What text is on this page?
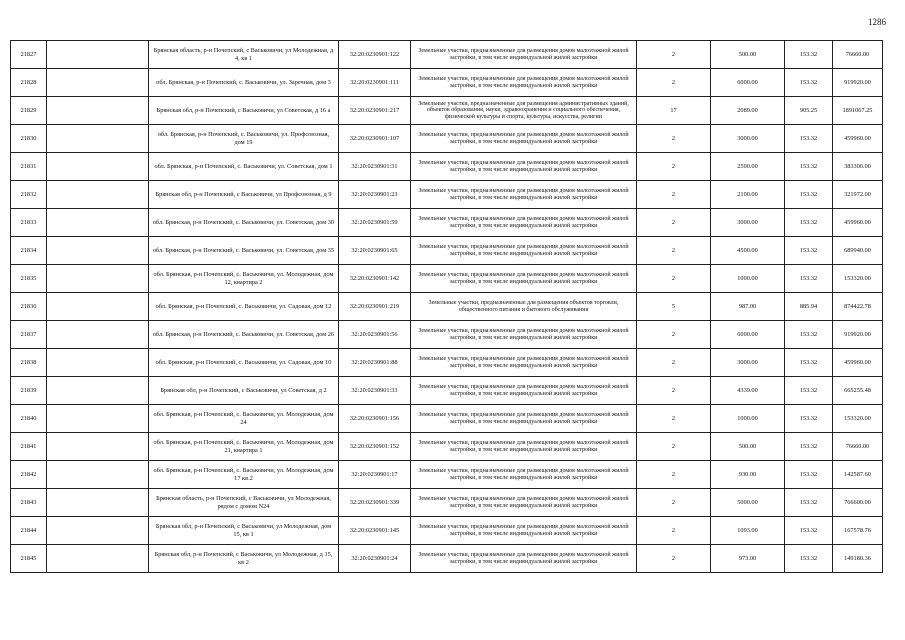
1286
21827		Брянская область, р-н Почепский, с Васьковичи, ул Молодежная, д 4, кв 1	32:20:0230901:122	Земельные участки, предназначенные для размещения домов малоэтажной жилой застройки, в том числе индивидуальной жилой застройки	2	500.00	153.32	76660.00
21828		обл. Брянская, р-н Почепский, с. Васьковичи, ул. Заречная, дом 3	32:20:0230901:111	Земельные участки, предназначенные для размещения домов малоэтажной жилой застройки, в том числе индивидуальной жилой застройки	2	6000.00	153.32	919920.00
21829		Брянская обл, р-н Почепский, с Васьковичи, ул Советская, д 16 а	32:20:0230901:217	Земельные участки, предназначенные для размещения административных зданий, объектов образования, науки, здравоохранения и социального обеспечения, физической культуры и спорта, культуры, искусства, религии	17	2089.00	905.25	1891067.25
21830		обл. Брянская, р-н Почепский, с. Васьковичи, ул. Профсоюзная, дом 19	32:20:0230901:107	Земельные участки, предназначенные для размещения домов малоэтажной жилой застройки, в том числе индивидуальной жилой застройки	2	3000.00	153.32	459960.00
21831		обл. Брянская, р-н Почепский, с. Васьковичи, ул. Советская, дом 1	32:20:0230901:31	Земельные участки, предназначенные для размещения домов малоэтажной жилой застройки, в том числе индивидуальной жилой застройки	2	2500.00	153.32	383300.00
21832		Брянская обл, р-н Почепский, с Васьковичи, ул Профсоюзная, д 9	32:20:0230901:23	Земельные участки, предназначенные для размещения домов малоэтажной жилой застройки, в том числе индивидуальной жилой застройки	2	2100.00	153.32	321972.00
21833		обл. Брянская, р-н Почепский, с. Васьковичи, ул. Советская, дом 30	32:20:0230901:59	Земельные участки, предназначенные для размещения домов малоэтажной жилой застройки, в том числе индивидуальной жилой застройки	2	3000.00	153.32	459960.00
21834		обл. Брянская, р-н Почепский, с. Васьковичи, ул. Советская, дом 35	32:20:0230901:65	Земельные участки, предназначенные для размещения домов малоэтажной жилой застройки, в том числе индивидуальной жилой застройки	2	4500.00	153.32	689940.00
21835		обл. Брянская, р-н Почепский, с. Васьковичи, ул. Молодежная, дом 12, квартира 2	32:20:0230901:142	Земельные участки, предназначенные для размещения домов малоэтажной жилой застройки, в том числе индивидуальной жилой застройки	2	1000.00	153.32	153320.00
21836		обл. Брянская, р-н Почепский, с. Васьковичи, ул. Садовая, дом 12	32:20:0230901:219	Земельные участки, предназначенные для размещения объектов торговли, общественного питания и бытового обслуживания	5	987.00	885.94	874422.78
21837		обл. Брянская, р-н Почепский, с. Васьковичи, ул. Советская, дом 26	32:20:0230901:56	Земельные участки, предназначенные для размещения домов малоэтажной жилой застройки, в том числе индивидуальной жилой застройки	2	6000.00	153.32	919920.00
21838		обл. Брянская, р-н Почепский, с. Васьковичи, ул. Садовая, дом 10	32:20:0230901:88	Земельные участки, предназначенные для размещения домов малоэтажной жилой застройки, в том числе индивидуальной жилой застройки	2	3000.00	153.32	459960.00
21839		Брянская обл, р-н Почепский, с Васьковичи, ул Советская, д 2	32:20:0230901:33	Земельные участки, предназначенные для размещения домов малоэтажной жилой застройки, в том числе индивидуальной жилой застройки	2	4339.00	153.32	665255.48
21840		обл. Брянская, р-н Почепский, с. Васьковичи, ул. Молодежная, дом 24	32:20:0230901:156	Земельные участки, предназначенные для размещения домов малоэтажной жилой застройки, в том числе индивидуальной жилой застройки	2	1000.00	153.32	153320.00
21841		обл. Брянская, р-н Почепский, с. Васьковичи, ул. Молодежная, дом 21, квартира 1	32:20:0230901:152	Земельные участки, предназначенные для размещения домов малоэтажной жилой застройки, в том числе индивидуальной жилой застройки	2	500.00	153.32	76660.00
21842		обл. Брянская, р-н Почепский, с. Васьковичи, ул. Молодежная, дом 17 кв.2	32:20:0230901:17	Земельные участки, предназначенные для размещения домов малоэтажной жилой застройки, в том числе индивидуальной жилой застройки	2	930.00	153.32	142587.60
21843		Брянская область, р-н Почепский, с Васьковичи, ул Молодежная, рядом с домом N24	32:20:0230901:339	Земельные участки, предназначенные для размещения домов малоэтажной жилой застройки, в том числе индивидуальной жилой застройки	2	5000.00	153.32	766600.00
21844		Брянская обл, р-н Почепский, с Васьковичи, ул Молодежная, дом 15, кв 1	32:20:0230901:145	Земельные участки, предназначенные для размещения домов малоэтажной жилой застройки, в том числе индивидуальной жилой застройки	2	1093.00	153.32	167578.76
21845		Брянская обл, р-н Почепский, с Васьковичи, ул Молодежная, д 15, кв 2	32:20:0230901:24	Земельные участки, предназначенные для размещения домов малоэтажной жилой застройки, в том числе индивидуальной жилой застройки	2	973.00	153.32	149180.36
